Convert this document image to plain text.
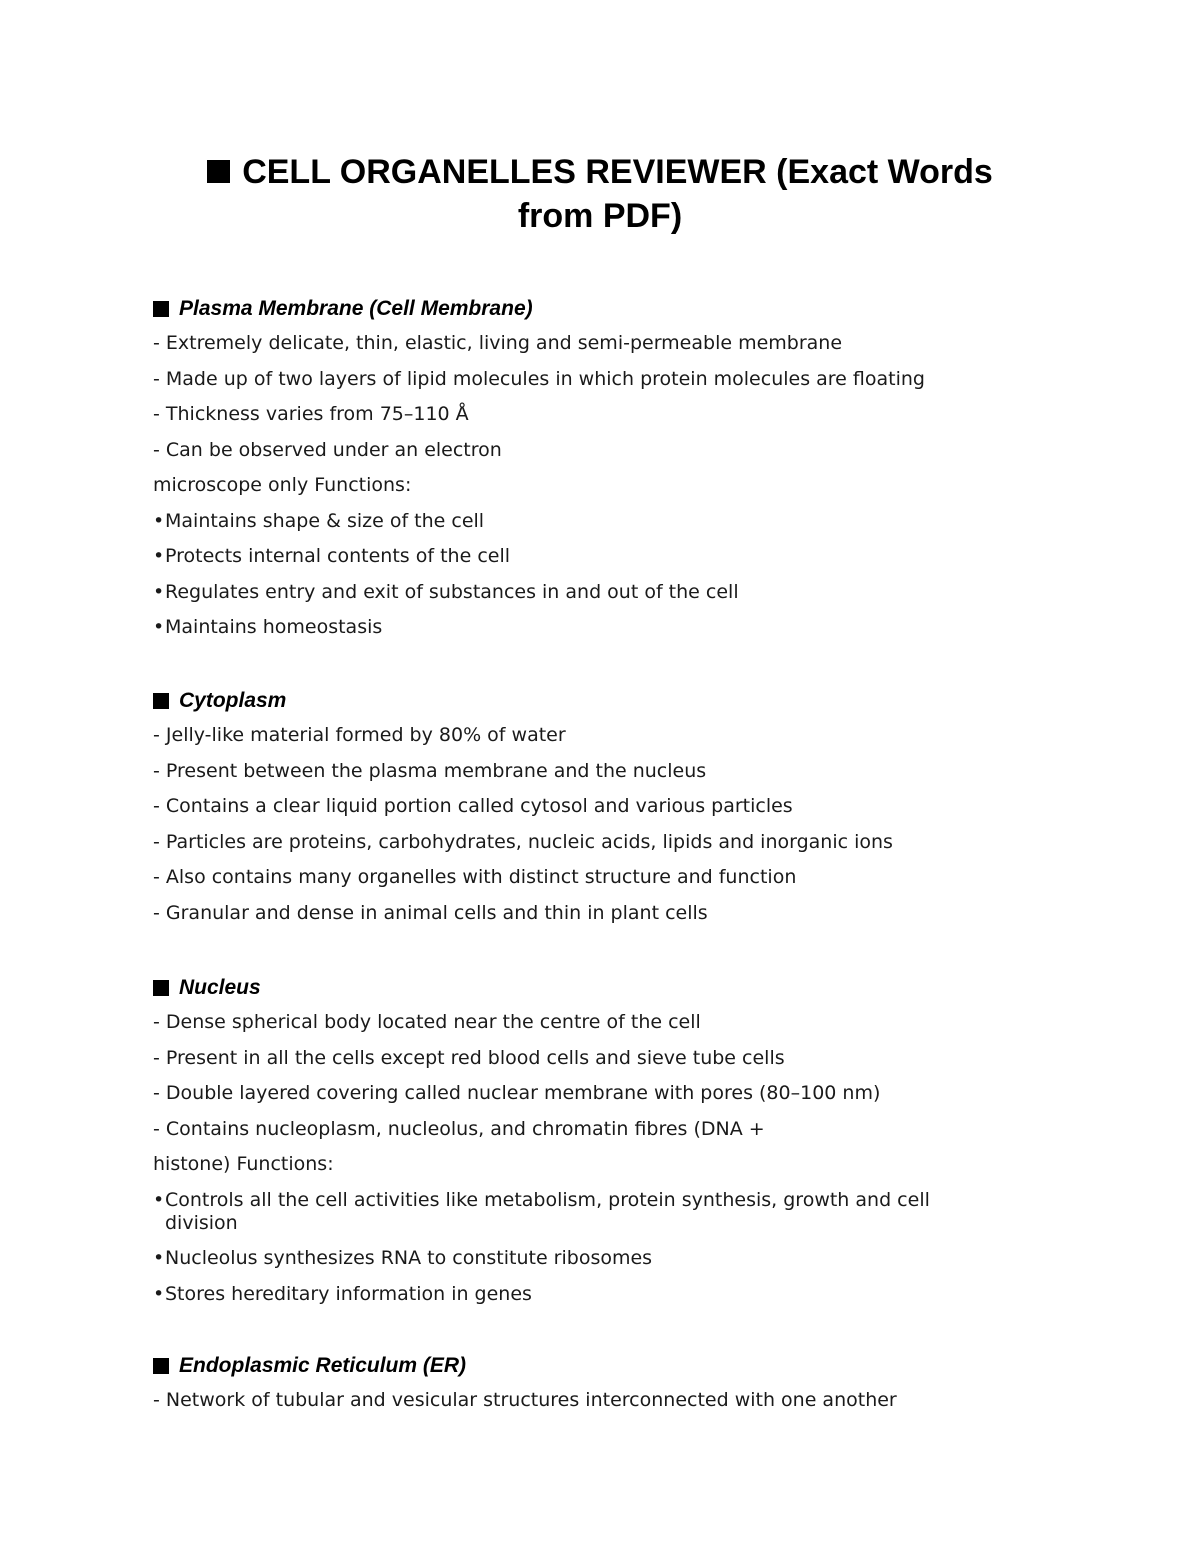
CELL ORGANELLES REVIEWER (Exact Words
from PDF)
Plasma Membrane (Cell Membrane)
- Extremely delicate, thin, elastic, living and semi-permeable membrane
- Made up of two layers of lipid molecules in which protein molecules are floating
- Thickness varies from 75–110 Å
- Can be observed under an electron
microscope only Functions:
• Maintains shape & size of the cell
• Protects internal contents of the cell
• Regulates entry and exit of substances in and out of the cell
• Maintains homeostasis
Cytoplasm
- Jelly-like material formed by 80% of water
- Present between the plasma membrane and the nucleus
- Contains a clear liquid portion called cytosol and various particles
- Particles are proteins, carbohydrates, nucleic acids, lipids and inorganic ions
- Also contains many organelles with distinct structure and function
- Granular and dense in animal cells and thin in plant cells
Nucleus
- Dense spherical body located near the centre of the cell
- Present in all the cells except red blood cells and sieve tube cells
- Double layered covering called nuclear membrane with pores (80–100 nm)
- Contains nucleoplasm, nucleolus, and chromatin fibres (DNA +
histone) Functions:
• Controls all the cell activities like metabolism, protein synthesis, growth and cell division
• Nucleolus synthesizes RNA to constitute ribosomes
• Stores hereditary information in genes
Endoplasmic Reticulum (ER)
- Network of tubular and vesicular structures interconnected with one another
